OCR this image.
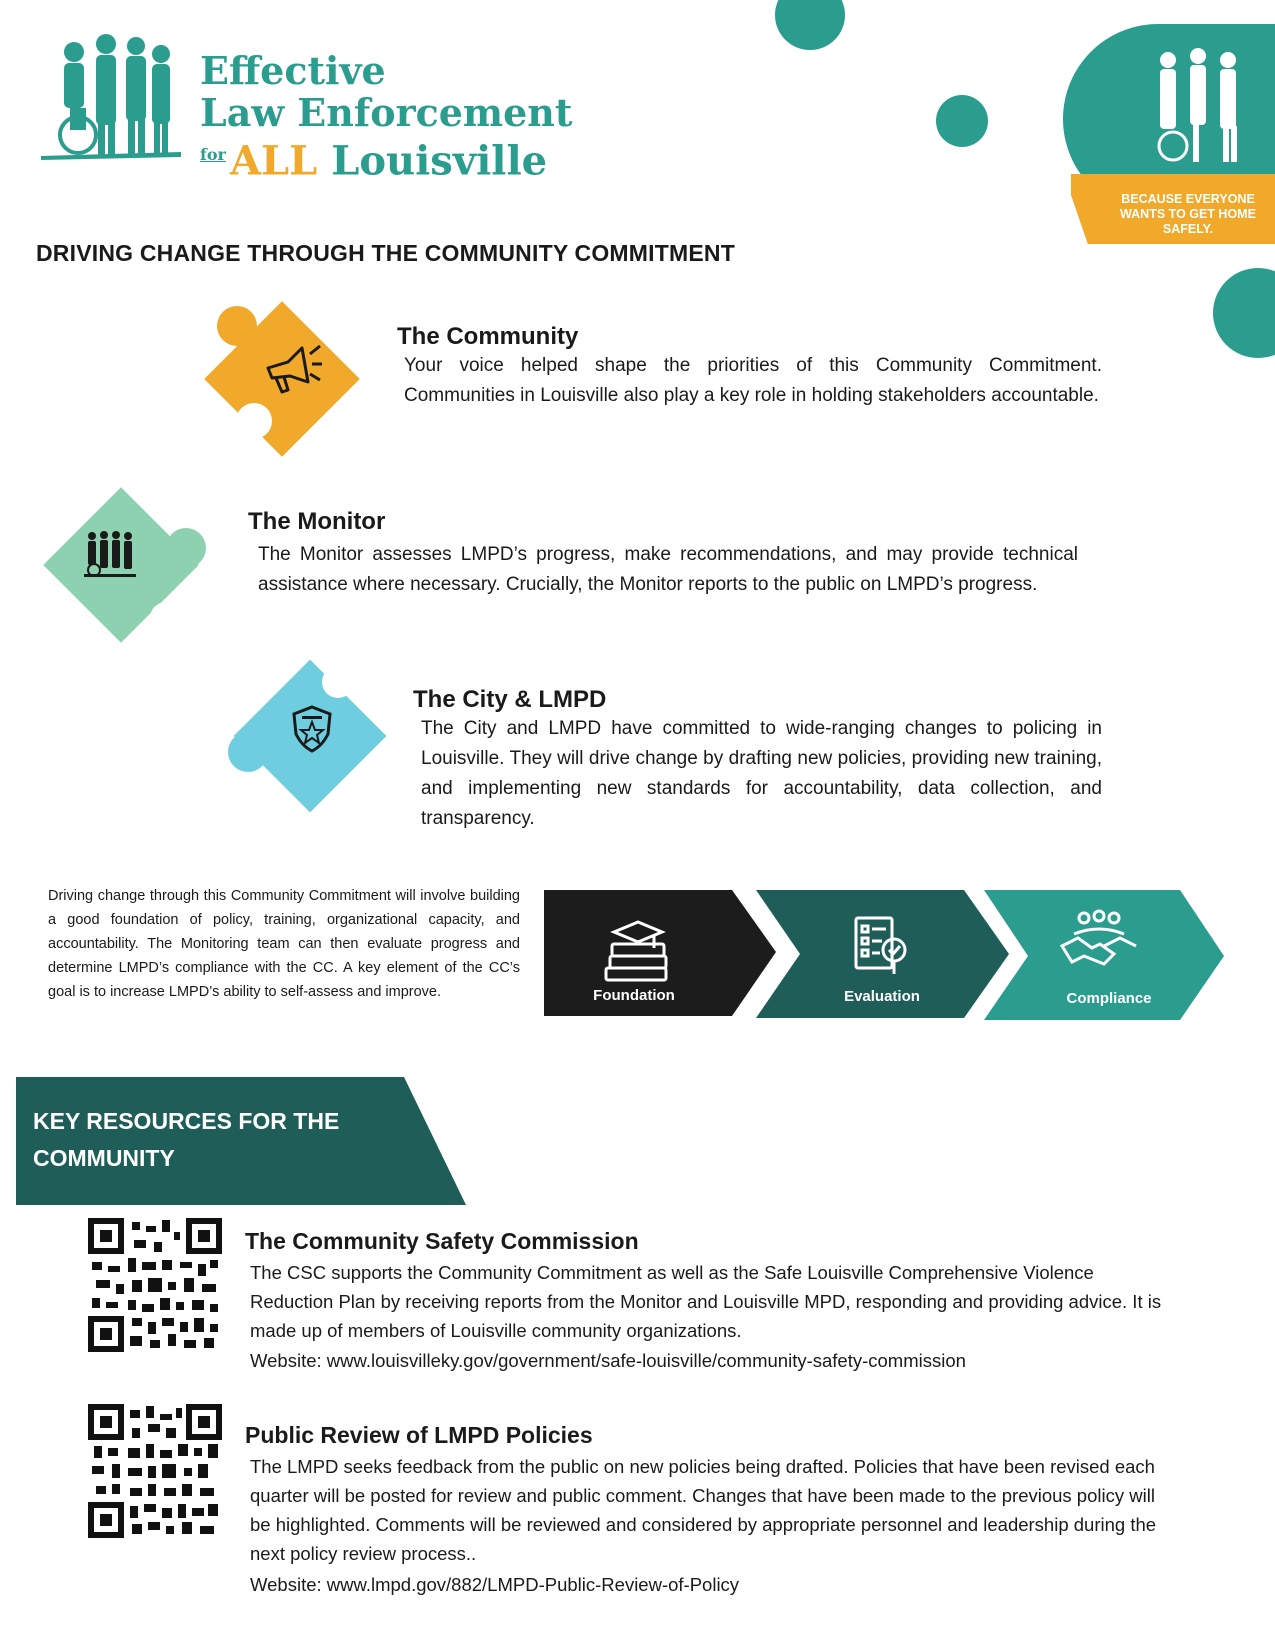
Effective
Law Enforcement
$^{for}$ ALL Louisville
BECAUSE EVERYONE
WANTS TO GET HOME
SAFELY.
DRIVING CHANGE THROUGH THE COMMUNITY COMMITMENT
The Community
Your voice helped shape the priorities of this Community Commitment. Communities in Louisville also play a key role in holding stakeholders accountable.
The Monitor
The Monitor assesses LMPD’s progress, make recommendations, and may provide technical assistance where necessary. Crucially, the Monitor reports to the public on LMPD’s progress.
The City & LMPD
The City and LMPD have committed to wide-ranging changes to policing in Louisville. They will drive change by drafting new policies, providing new training, and implementing new standards for accountability, data collection, and transparency.
Driving change through this Community Commitment will involve building a good foundation of policy, training, organizational capacity, and accountability. The Monitoring team can then evaluate progress and determine LMPD’s compliance with the CC. A key element of the CC’s goal is to increase LMPD’s ability to self-assess and improve.	Foundation	Evaluation	Compliance
KEY RESOURCES FOR THE
COMMUNITY
The Community Safety Commission
The CSC supports the Community Commitment as well as the Safe Louisville Comprehensive Violence Reduction Plan by receiving reports from the Monitor and Louisville MPD, responding and providing advice. It is made up of members of Louisville community organizations.
Website: www.louisvilleky.gov/government/safe-louisville/community-safety-commission
Public Review of LMPD Policies
The LMPD seeks feedback from the public on new policies being drafted. Policies that have been revised each quarter will be posted for review and public comment. Changes that have been made to the previous policy will be highlighted. Comments will be reviewed and considered by appropriate personnel and leadership during the next policy review process..
Website: www.lmpd.gov/882/LMPD-Public-Review-of-Policy
